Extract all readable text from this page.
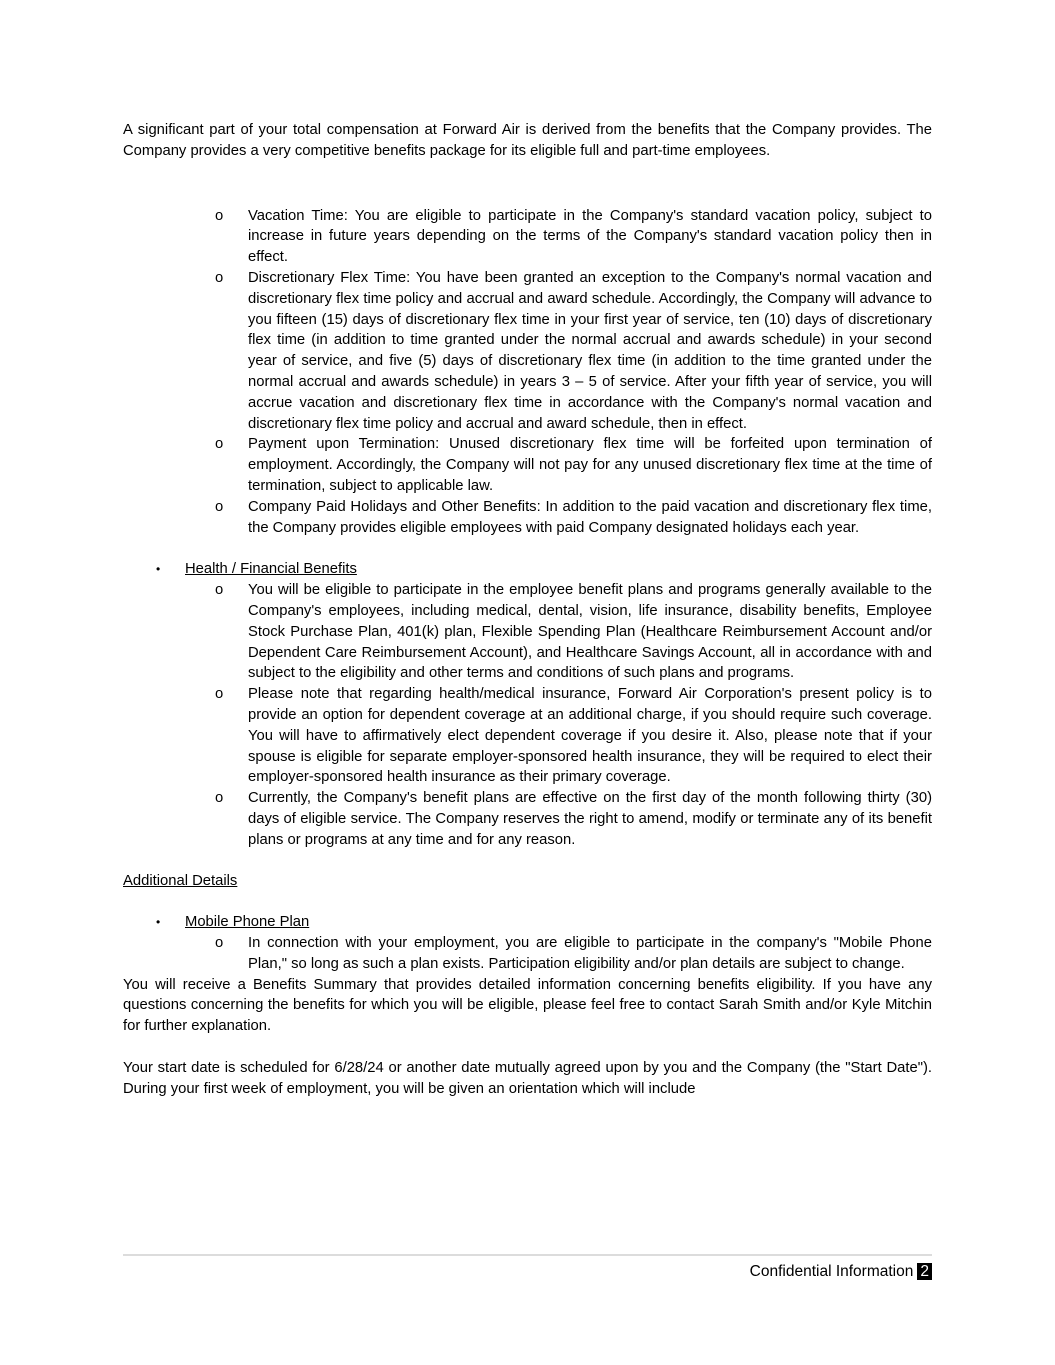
A significant part of your total compensation at Forward Air is derived from the benefits that the Company provides. The Company provides a very competitive benefits package for its eligible full and part-time employees.

o Vacation Time: You are eligible to participate in the Company's standard vacation policy, subject to increase in future years depending on the terms of the Company's standard vacation policy then in effect.
o Discretionary Flex Time: You have been granted an exception to the Company's normal vacation and discretionary flex time policy and accrual and award schedule. Accordingly, the Company will advance to you fifteen (15) days of discretionary flex time in your first year of service, ten (10) days of discretionary flex time (in addition to time granted under the normal accrual and awards schedule) in your second year of service, and five (5) days of discretionary flex time (in addition to the time granted under the normal accrual and awards schedule) in years 3 – 5 of service. After your fifth year of service, you will accrue vacation and discretionary flex time in accordance with the Company's normal vacation and discretionary flex time policy and accrual and award schedule, then in effect.
o Payment upon Termination: Unused discretionary flex time will be forfeited upon termination of employment. Accordingly, the Company will not pay for any unused discretionary flex time at the time of termination, subject to applicable law.
o Company Paid Holidays and Other Benefits: In addition to the paid vacation and discretionary flex time, the Company provides eligible employees with paid Company designated holidays each year.
• Health / Financial Benefits
o You will be eligible to participate in the employee benefit plans and programs generally available to the Company's employees, including medical, dental, vision, life insurance, disability benefits, Employee Stock Purchase Plan, 401(k) plan, Flexible Spending Plan (Healthcare Reimbursement Account and/or Dependent Care Reimbursement Account), and Healthcare Savings Account, all in accordance with and subject to the eligibility and other terms and conditions of such plans and programs.
o Please note that regarding health/medical insurance, Forward Air Corporation's present policy is to provide an option for dependent coverage at an additional charge, if you should require such coverage. You will have to affirmatively elect dependent coverage if you desire it. Also, please note that if your spouse is eligible for separate employer-sponsored health insurance, they will be required to elect their employer-sponsored health insurance as their primary coverage.
o Currently, the Company's benefit plans are effective on the first day of the month following thirty (30) days of eligible service. The Company reserves the right to amend, modify or terminate any of its benefit plans or programs at any time and for any reason.

Additional Details

• Mobile Phone Plan
o In connection with your employment, you are eligible to participate in the company's "Mobile Phone Plan," so long as such a plan exists. Participation eligibility and/or plan details are subject to change.

You will receive a Benefits Summary that provides detailed information concerning benefits eligibility. If you have any questions concerning the benefits for which you will be eligible, please feel free to contact Sarah Smith and/or Kyle Mitchin for further explanation.

Your start date is scheduled for 6/28/24 or another date mutually agreed upon by you and the Company (the "Start Date"). During your first week of employment, you will be given an orientation which will include

Confidential Information 2
